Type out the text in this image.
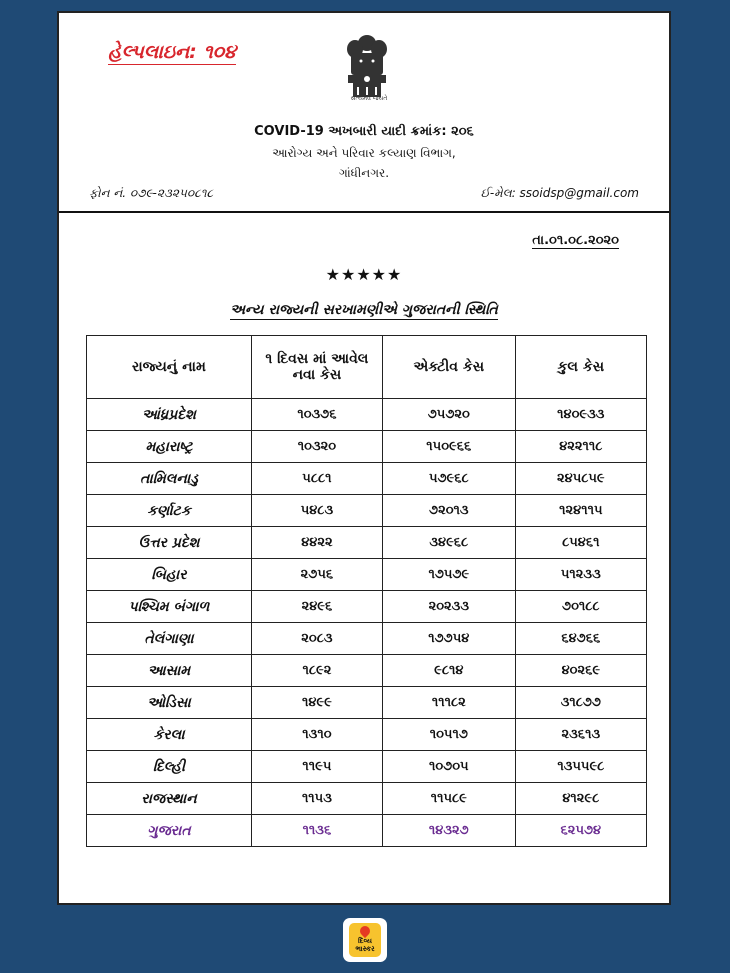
હેલ્પલાઇન: ૧૦૪
સત્યમેવ જયતે
COVID-19 અખબારી યાદી ક્રમાંક: ૨૦૬
આરોગ્ય અને પરિવાર કલ્યાણ વિભાગ,
ગાંધીનગર.
ફોન નં. ૦૭૯-૨૩૨૫૦૮૧૮	ઈ-મેલ: ssoidsp@gmail.com
તા.૦૧.૦૮.૨૦૨૦
★★★★★
અન્ય રાજ્યની સરખામણીએ ગુજરાતની સ્થિતિ
રાજ્યનું નામ	૧ દિવસ માં આવેલ નવા કેસ	એક્ટીવ કેસ	કુલ કેસ
આંધ્રપ્રદેશ	૧૦૩૭૬	૭૫૭૨૦	૧૪૦૯૩૩
મહારાષ્ટ્ર	૧૦૩૨૦	૧૫૦૯૬૬	૪૨૨૧૧૮
તામિલનાડુ	૫૮૮૧	૫૭૯૬૮	૨૪૫૮૫૯
કર્ણાટક	૫૪૮૩	૭૨૦૧૩	૧૨૪૧૧૫
ઉત્તર પ્રદેશ	૪૪૨૨	૩૪૯૬૮	૮૫૪૬૧
બિહાર	૨૭૫૬	૧૭૫૭૯	૫૧૨૩૩
પશ્ચિમ બંગાળ	૨૪૯૬	૨૦૨૩૩	૭૦૧૮૮
તેલંગાણા	૨૦૮૩	૧૭૭૫૪	૬૪૭૬૬
આસામ	૧૮૯૨	૯૮૧૪	૪૦૨૬૯
ઓડિસા	૧૪૯૯	૧૧૧૮૨	૩૧૮૭૭
કેરલા	૧૩૧૦	૧૦૫૧૭	૨૩૬૧૩
દિલ્હી	૧૧૯૫	૧૦૭૦૫	૧૩૫૫૯૮
રાજસ્થાન	૧૧૫૩	૧૧૫૮૯	૪૧૨૯૮
ગુજરાત	૧૧૩૬	૧૪૩૨૭	૬૨૫૭૪
દિવ્ય ભાસ્કર
